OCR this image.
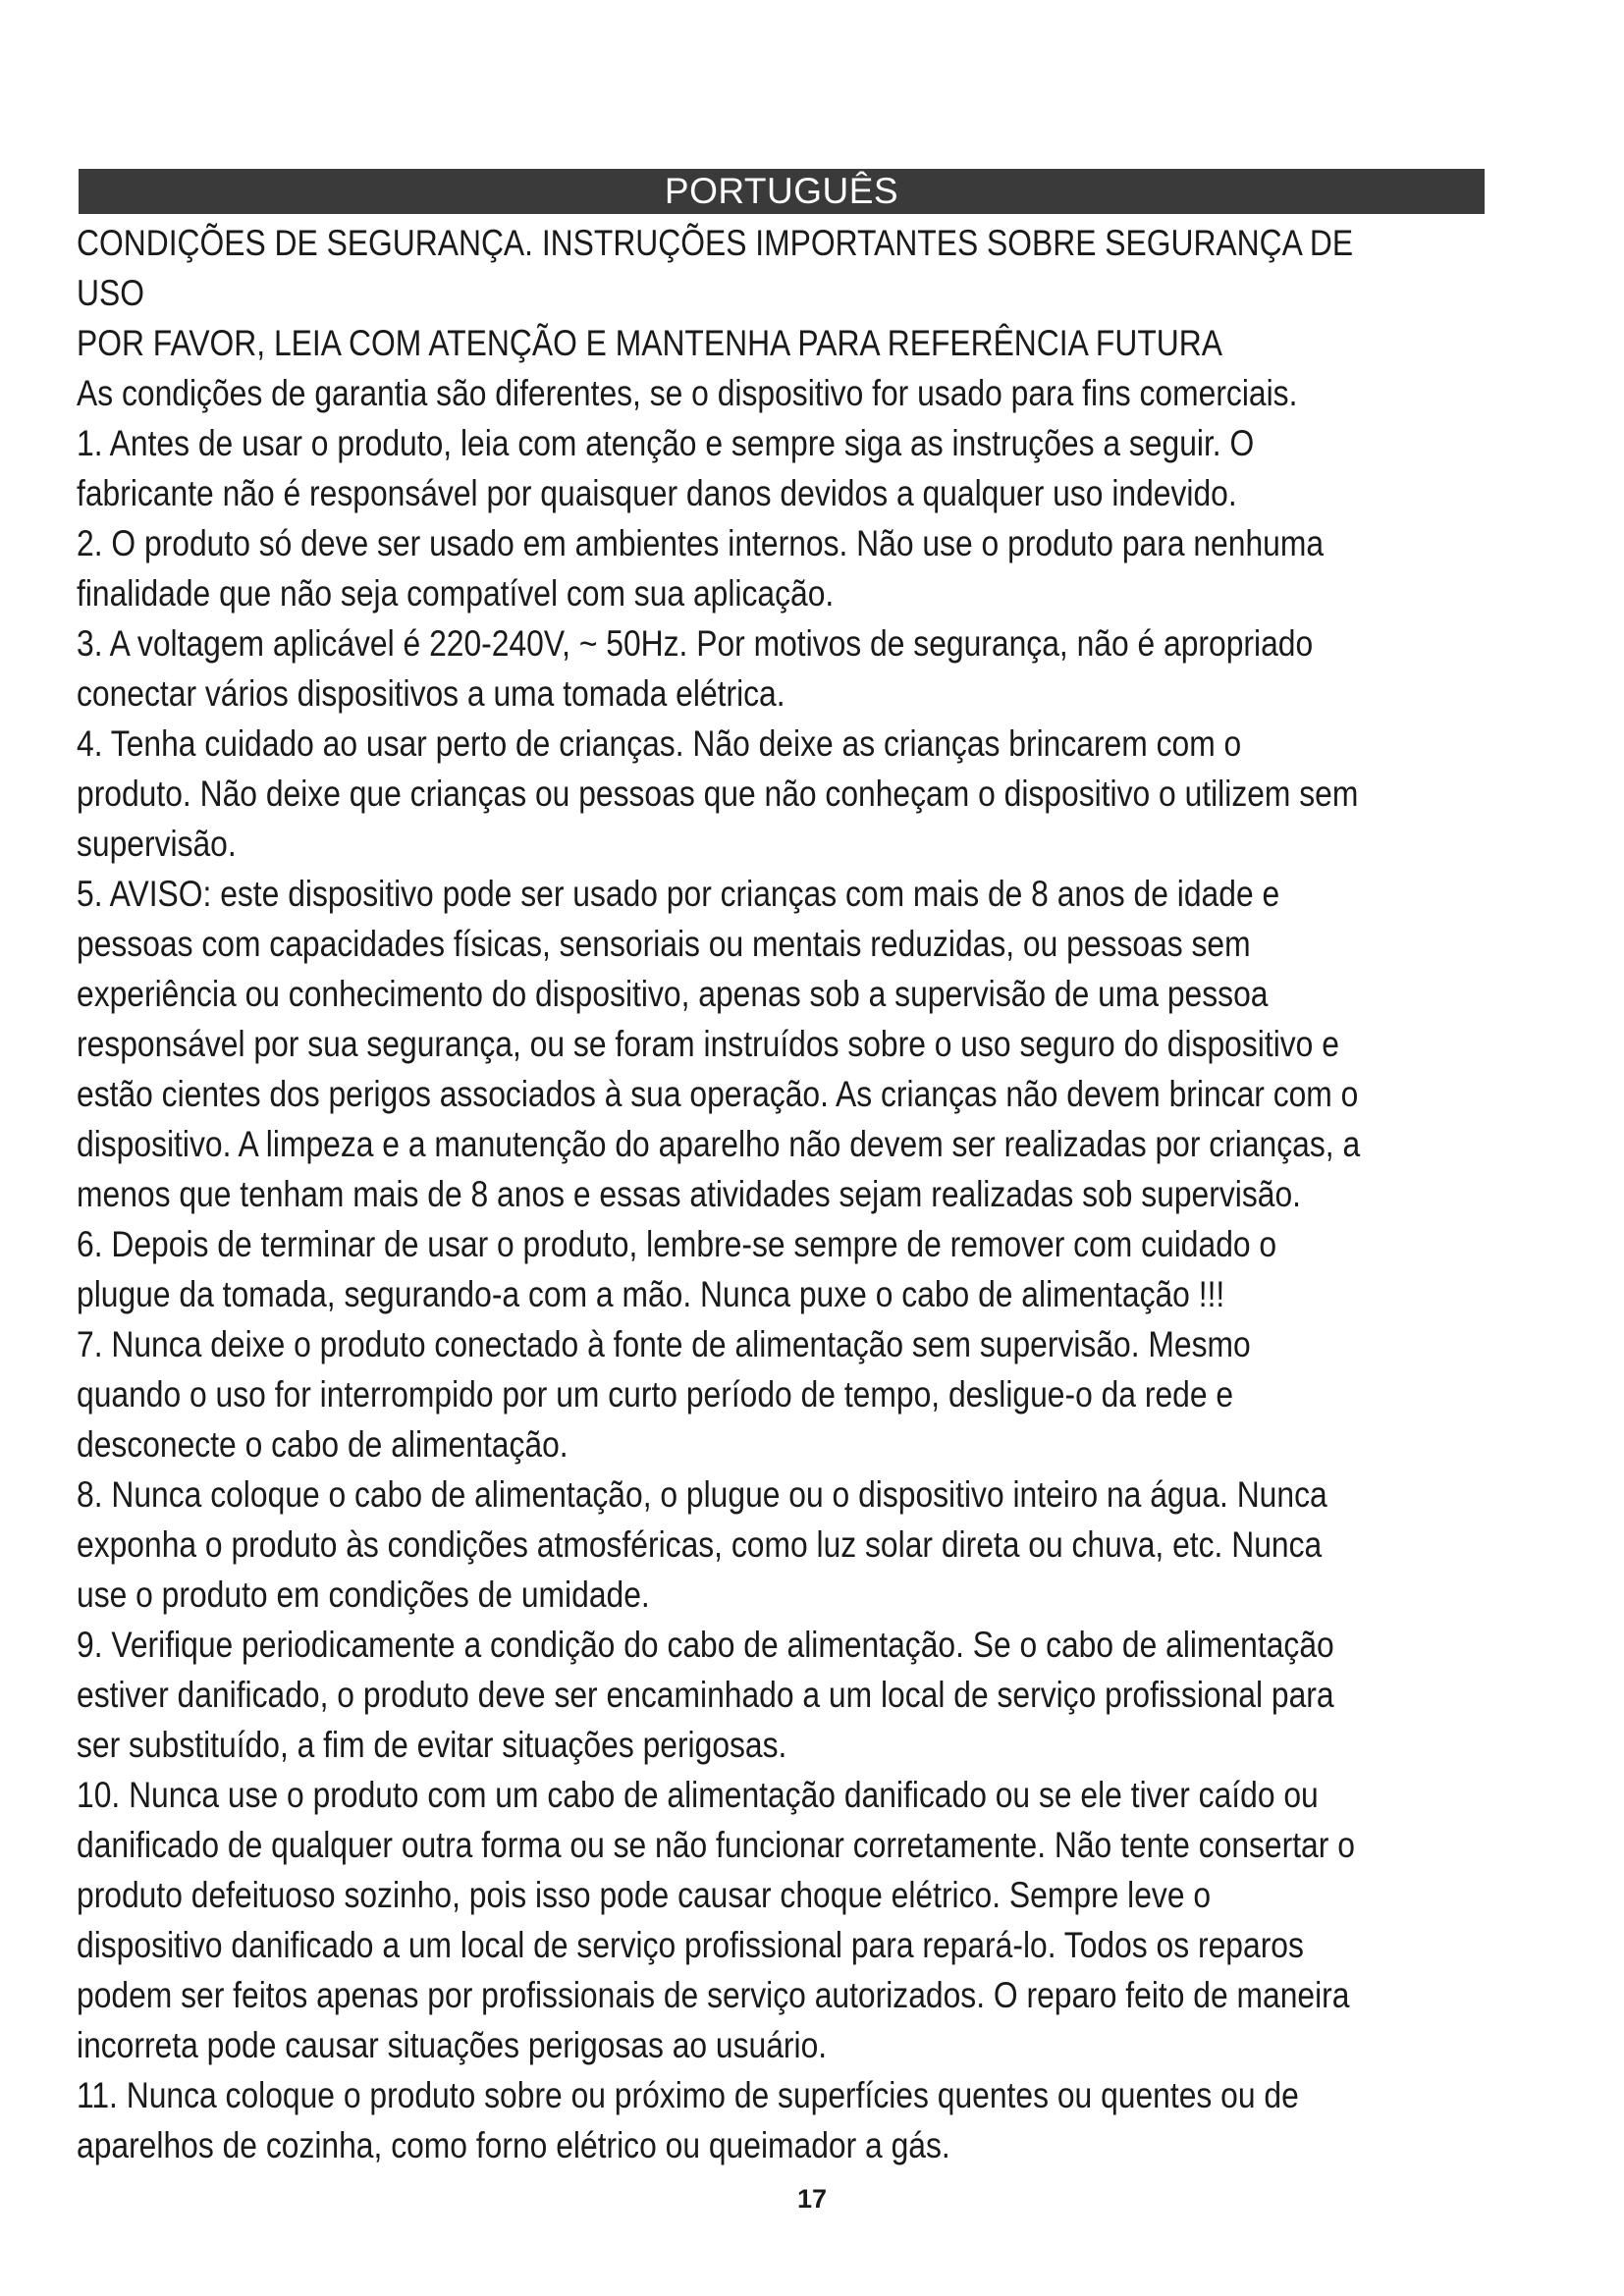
PORTUGUÊS

CONDIÇÕES DE SEGURANÇA. INSTRUÇÕES IMPORTANTES SOBRE SEGURANÇA DE USO

POR FAVOR, LEIA COM ATENÇÃO E MANTENHA PARA REFERÊNCIA FUTURA

As condições de garantia são diferentes, se o dispositivo for usado para fins comerciais.

1. Antes de usar o produto, leia com atenção e sempre siga as instruções a seguir. O fabricante não é responsável por quaisquer danos devidos a qualquer uso indevido.

2. O produto só deve ser usado em ambientes internos. Não use o produto para nenhuma finalidade que não seja compatível com sua aplicação.

3. A voltagem aplicável é 220-240V, ~ 50Hz. Por motivos de segurança, não é apropriado conectar vários dispositivos a uma tomada elétrica.

4. Tenha cuidado ao usar perto de crianças. Não deixe as crianças brincarem com o produto. Não deixe que crianças ou pessoas que não conheçam o dispositivo o utilizem sem supervisão.

5. AVISO: este dispositivo pode ser usado por crianças com mais de 8 anos de idade e pessoas com capacidades físicas, sensoriais ou mentais reduzidas, ou pessoas sem experiência ou conhecimento do dispositivo, apenas sob a supervisão de uma pessoa responsável por sua segurança, ou se foram instruídos sobre o uso seguro do dispositivo e estão cientes dos perigos associados à sua operação. As crianças não devem brincar com o dispositivo. A limpeza e a manutenção do aparelho não devem ser realizadas por crianças, a menos que tenham mais de 8 anos e essas atividades sejam realizadas sob supervisão.

6. Depois de terminar de usar o produto, lembre-se sempre de remover com cuidado o plugue da tomada, segurando-a com a mão. Nunca puxe o cabo de alimentação !!!

7. Nunca deixe o produto conectado à fonte de alimentação sem supervisão. Mesmo quando o uso for interrompido por um curto período de tempo, desligue-o da rede e desconecte o cabo de alimentação.

8. Nunca coloque o cabo de alimentação, o plugue ou o dispositivo inteiro na água. Nunca exponha o produto às condições atmosféricas, como luz solar direta ou chuva, etc. Nunca use o produto em condições de umidade.

9. Verifique periodicamente a condição do cabo de alimentação. Se o cabo de alimentação estiver danificado, o produto deve ser encaminhado a um local de serviço profissional para ser substituído, a fim de evitar situações perigosas.

10. Nunca use o produto com um cabo de alimentação danificado ou se ele tiver caído ou danificado de qualquer outra forma ou se não funcionar corretamente. Não tente consertar o produto defeituoso sozinho, pois isso pode causar choque elétrico. Sempre leve o dispositivo danificado a um local de serviço profissional para repará-lo. Todos os reparos podem ser feitos apenas por profissionais de serviço autorizados. O reparo feito de maneira incorreta pode causar situações perigosas ao usuário.

11. Nunca coloque o produto sobre ou próximo de superfícies quentes ou quentes ou de aparelhos de cozinha, como forno elétrico ou queimador a gás.

17
